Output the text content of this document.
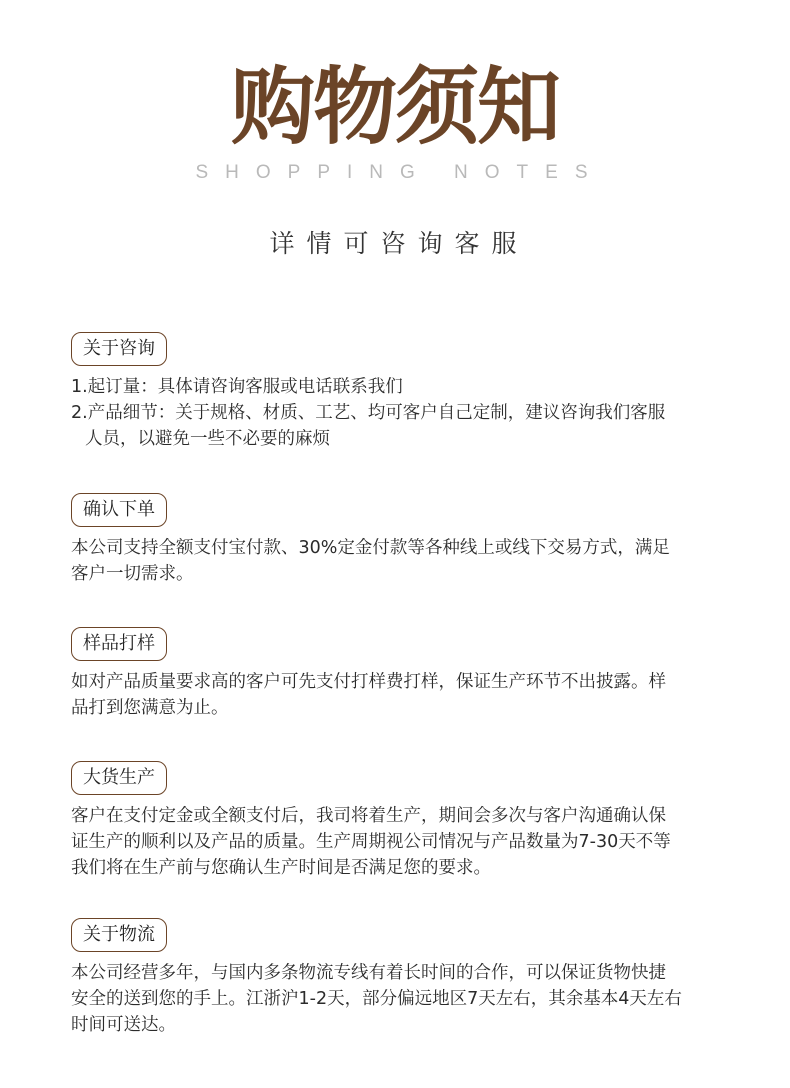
购物须知
SHOPPING NOTES
详情可咨询客服
关于咨询

1.起订量：具体请咨询客服或电话联系我们

2.产品细节：关于规格、材质、工艺、均可客户自己定制，建议咨询我们客服

人员，以避免一些不必要的麻烦

确认下单

本公司支持全额支付宝付款、30%定金付款等各种线上或线下交易方式，满足

客户一切需求。

样品打样

如对产品质量要求高的客户可先支付打样费打样，保证生产环节不出披露。样

品打到您满意为止。

大货生产

客户在支付定金或全额支付后，我司将着生产，期间会多次与客户沟通确认保

证生产的顺利以及产品的质量。生产周期视公司情况与产品数量为7-30天不等

我们将在生产前与您确认生产时间是否满足您的要求。

关于物流

本公司经营多年，与国内多条物流专线有着长时间的合作，可以保证货物快捷

安全的送到您的手上。江浙沪1-2天，部分偏远地区7天左右，其余基本4天左右

时间可送达。
